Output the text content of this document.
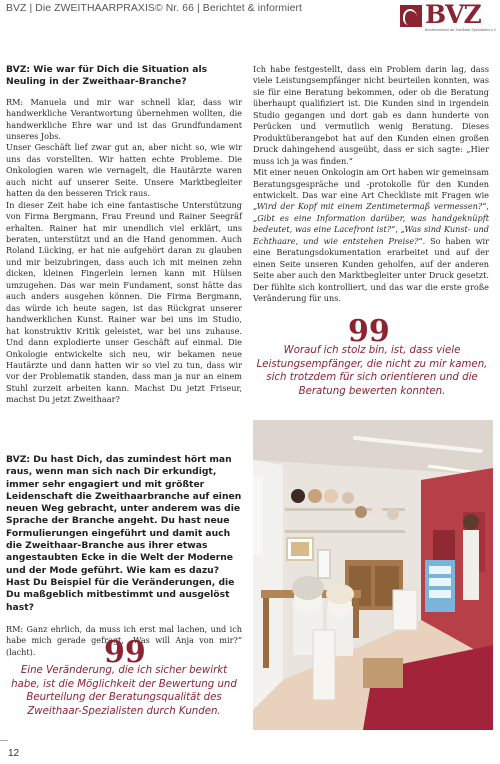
BVZ | Die ZWEITHAARPRAXIS© Nr. 66 | Berichtet & informiert	BVZ
Bundesverband der Zweithaar-Spezialisten e.V.

BVZ: Wie war für Dich die Situation als Neuling in der Zweithaar-Branche?

RM: Manuela und mir war schnell klar, dass wir handwerkliche Verantwortung übernehmen wollten, die handwerkliche Ehre war und ist das Grundfundament unseres Jobs.

Unser Geschäft lief zwar gut an, aber nicht so, wie wir uns das vorstellten. Wir hatten echte Probleme. Die Onkologien waren wie vernagelt, die Hautärzte waren auch nicht auf unserer Seite. Unsere Marktbegleiter hatten da den besseren Trick raus.

In dieser Zeit habe ich eine fantastische Unterstützung von Firma Bergmann, Frau Freund und Rainer Seegräf erhalten. Rainer hat mir unendlich viel erklärt, uns beraten, unterstützt und an die Hand genommen. Auch Roland Lücking, er hat nie aufgehört daran zu glauben und mir beizubringen, dass auch ich mit meinen zehn dicken, kleinen Fingerlein lernen kann mit Hülsen umzugehen. Das war mein Fundament, sonst hätte das auch anders ausgehen können. Die Firma Bergmann, das würde ich heute sagen, ist das Rückgrat unserer handwerklichen Kunst. Rainer war bei uns im Studio, hat konstruktiv Kritik geleistet, war bei uns zuhause. Und dann explodierte unser Geschäft auf einmal. Die Onkologie entwickelte sich neu, wir bekamen neue Hautärzte und dann hatten wir so viel zu tun, dass wir vor der Problematik standen, dass man ja nur an einem Stuhl zurzeit arbeiten kann. Machst Du jetzt Friseur, machst Du jetzt Zweithaar?

BVZ: Du hast Dich, das zumindest hört man raus, wenn man sich nach Dir erkundigt, immer sehr engagiert und mit größter Leidenschaft die Zweithaarbranche auf einen neuen Weg gebracht, unter anderem was die Sprache der Branche angeht. Du hast neue Formulierungen eingeführt und damit auch die Zweithaar-Branche aus ihrer etwas angestaubten Ecke in die Welt der Moderne und der Mode geführt. Wie kam es dazu? Hast Du Beispiel für die Veränderungen, die Du maßgeblich mitbestimmt und ausgelöst hast?

RM: Ganz ehrlich, da muss ich erst mal lachen, und ich habe mich gerade gefragt, „Was will Anja von mir?“ (lacht).	99
Eine Veränderung, die ich sicher bewirkt habe, ist die Möglichkeit der Bewertung und Beurteilung der Beratungsqualität des Zweithaar-Spezialisten durch Kunden.

Ich habe festgestellt, dass ein Problem darin lag, dass viele Leistungsempfänger nicht beurteilen konnten, was sie für eine Beratung bekommen, oder ob die Beratung überhaupt qualifiziert ist. Die Kunden sind in irgendein Studio gegangen und dort gab es dann hunderte von Perücken und vermutlich wenig Beratung. Dieses Produktüberangebot hat auf den Kunden einen großen Druck dahingehend ausgeübt, dass er sich sagte: „Hier muss ich ja was finden.“

Mit einer neuen Onkologin am Ort haben wir gemeinsam Beratungsgespräche und -protokolle für den Kunden entwickelt. Das war eine Art Checkliste mit Fragen wie „Wird der Kopf mit einem Zentimetermaß vermessen?“, „Gibt es eine Information darüber, was handgeknüpft bedeutet, was eine Lacefront ist?“, „Was sind Kunst- und Echthaare, und wie entstehen Preise?“. So haben wir eine Beratungsdokumentation erarbeitet und auf der einen Seite unseren Kunden geholfen, auf der anderen Seite aber auch den Marktbegleiter unter Druck gesetzt. Der fühlte sich kontrolliert, und das war die erste große Veränderung für uns.

99
Worauf ich stolz bin, ist, dass viele Leistungsempfänger, die nicht zu mir kamen, sich trotzdem für sich orientieren und die Beratung bewerten konnten.
12
